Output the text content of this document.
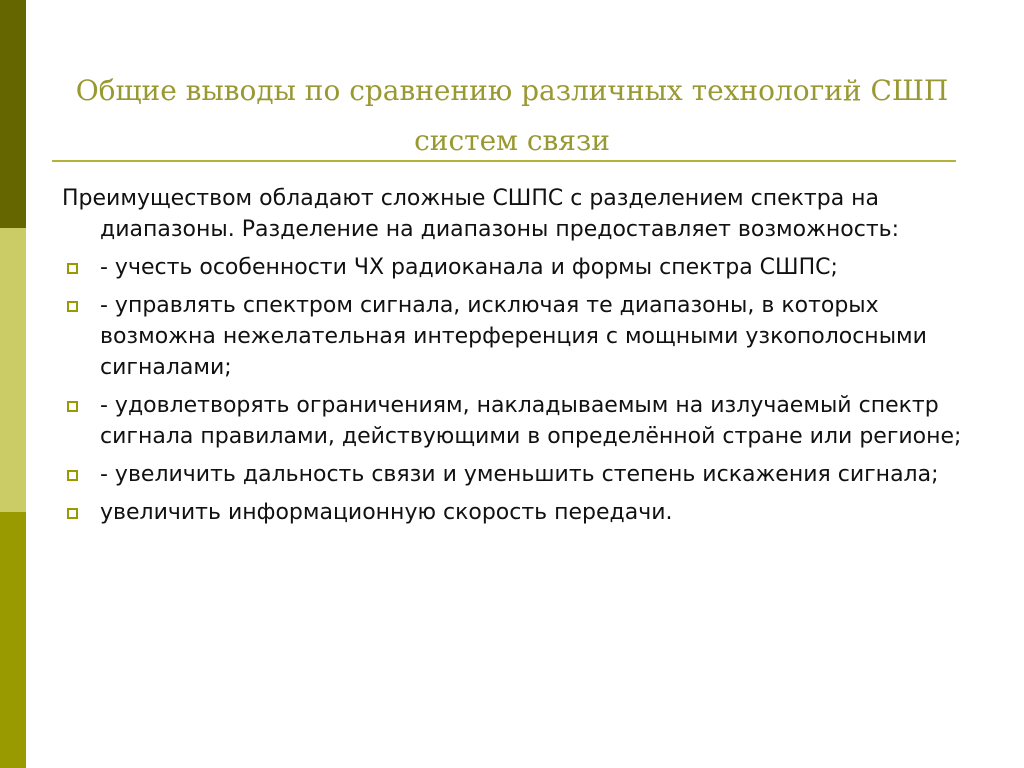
Общие выводы по сравнению различных технологий СШП систем связи

Преимуществом обладают сложные СШПС с разделением спектра на диапазоны. Разделение на диапазоны предоставляет возможность:

- учесть особенности ЧХ радиоканала и формы спектра СШПС;
- управлять спектром сигнала, исключая те диапазоны, в которых возможна нежелательная интерференция с мощными узкополосными сигналами;
- удовлетворять ограничениям, накладываемым на излучаемый спектр сигнала правилами, действующими в определённой стране или регионе;
- увеличить дальность связи и уменьшить степень искажения сигнала;
увеличить информационную скорость передачи.
